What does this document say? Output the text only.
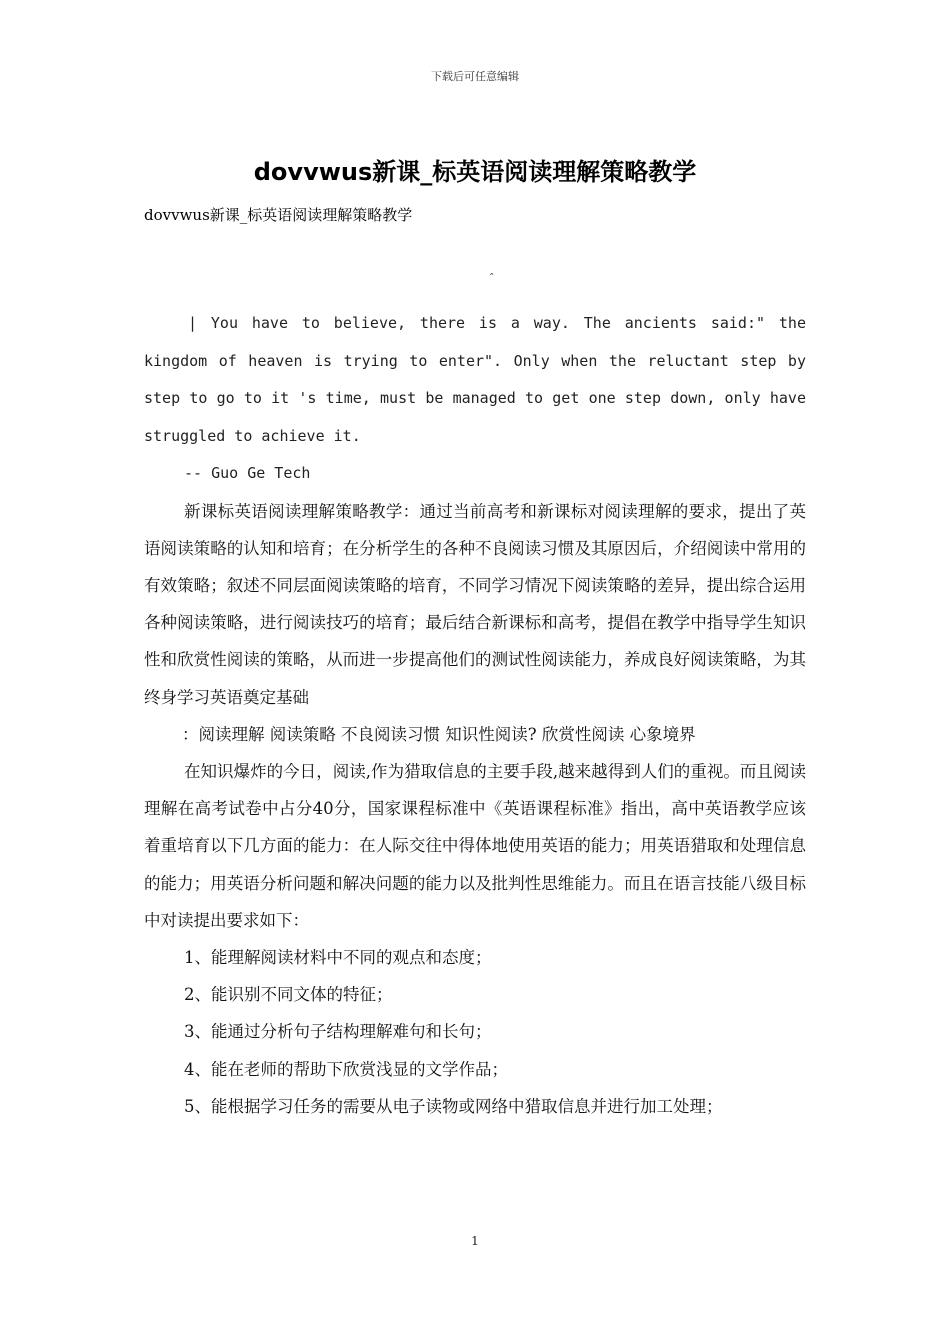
下载后可任意编辑
dovvwus新课_标英语阅读理解策略教学

dovvwus新课_标英语阅读理解策略教学

ˆ

| You have to believe, there is a way. The ancients said:" the kingdom of heaven is trying to enter". Only when the reluctant step by step to go to it 's time, must be managed to get one step down, only have struggled to achieve it.

-- Guo Ge Tech

新课标英语阅读理解策略教学：通过当前高考和新课标对阅读理解的要求，提出了英语阅读策略的认知和培育；在分析学生的各种不良阅读习惯及其原因后，介绍阅读中常用的有效策略；叙述不同层面阅读策略的培育，不同学习情况下阅读策略的差异，提出综合运用各种阅读策略，进行阅读技巧的培育；最后结合新课标和高考，提倡在教学中指导学生知识性和欣赏性阅读的策略，从而进一步提高他们的测试性阅读能力，养成良好阅读策略，为其终身学习英语奠定基础

：阅读理解 阅读策略 不良阅读习惯 知识性阅读? 欣赏性阅读 心象境界

在知识爆炸的今日，阅读,作为猎取信息的主要手段,越来越得到人们的重视。而且阅读理解在高考试卷中占分40分，国家课程标准中《英语课程标准》指出，高中英语教学应该着重培育以下几方面的能力：在人际交往中得体地使用英语的能力；用英语猎取和处理信息的能力；用英语分析问题和解决问题的能力以及批判性思维能力。而且在语言技能八级目标中对读提出要求如下：

1、能理解阅读材料中不同的观点和态度；

2、能识别不同文体的特征；

3、能通过分析句子结构理解难句和长句；

4、能在老师的帮助下欣赏浅显的文学作品；

5、能根据学习任务的需要从电子读物或网络中猎取信息并进行加工处理；

1
